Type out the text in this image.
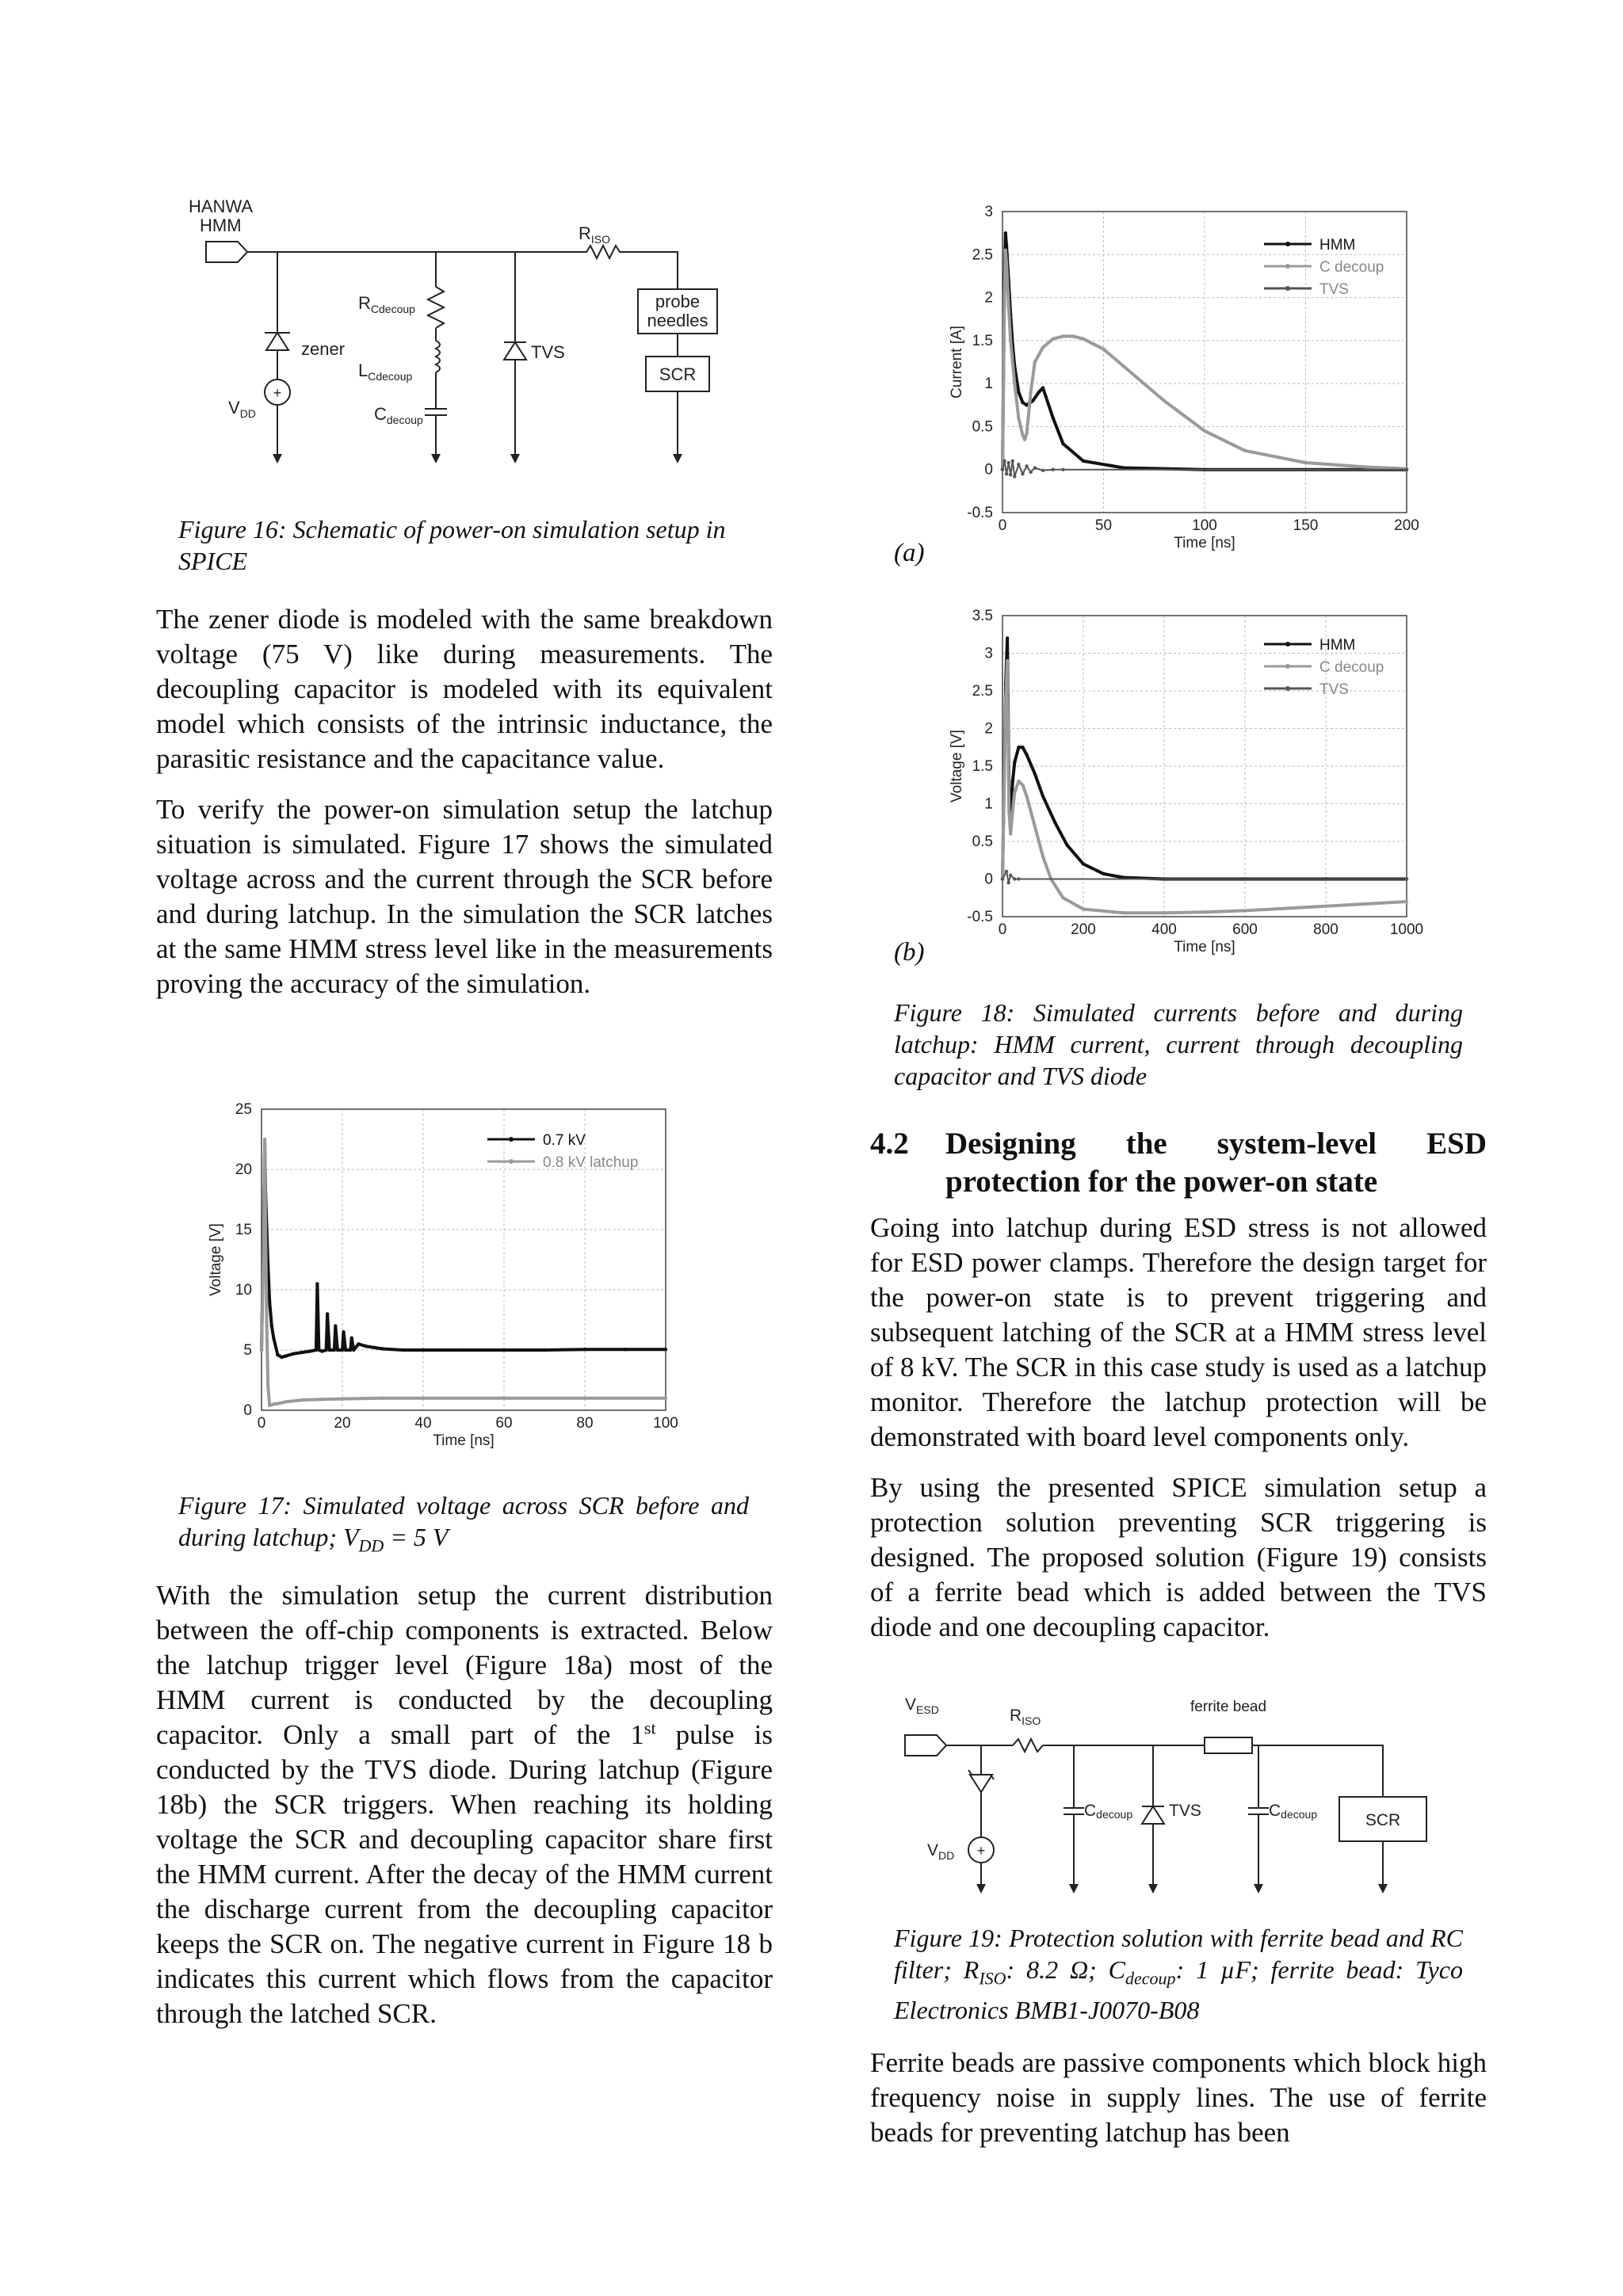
HANWA
HMM	$R_{ISO}$
$R_{Cdecoup}$
zener
$L_{Cdecoup}$
$V_{DD}$	$C_{decoup}$
TVS
probe
needles
SCR
+
Figure 16: Schematic of power-on simulation setup in SPICE

The zener diode is modeled with the same breakdown voltage (75 V) like during measurements. The decoupling capacitor is modeled with its equivalent model which consists of the intrinsic inductance, the parasitic resistance and the capacitance value.

To verify the power-on simulation setup the latchup situation is simulated. Figure 17 shows the simulated voltage across and the current through the SCR before and during latchup. In the simulation the SCR latches at the same HMM stress level like in the measurements proving the accuracy of the simulation.

0	20	40	60	80	100
0
5
10
15
20
25
Time [ns]
Voltage [V]
0.7 kV
0.8 kV latchup
Figure 17: Simulated voltage across SCR before and during latchup; $V_{DD} = 5$ V

With the simulation setup the current distribution between the off-chip components is extracted. Below the latchup trigger level (Figure 18a) most of the HMM current is conducted by the decoupling capacitor. Only a small part of the 1st pulse is conducted by the TVS diode. During latchup (Figure 18b) the SCR triggers. When reaching its holding voltage the SCR and decoupling capacitor share first the HMM current. After the decay of the HMM current the discharge current from the decoupling capacitor keeps the SCR on. The negative current in Figure 18 b indicates this current which flows from the capacitor through the latched SCR.

0	50	100	150	200
-0.5
0
0.5
1
1.5
2
2.5
3
Time [ns]
Current [A]
HMM
C decoup
TVS
(a)
0	200	400	600	800	1000
-0.5
0
0.5
1
1.5
2
2.5
3
3.5
Time [ns]
Voltage [V]
HMM
C decoup
TVS
(b)
Figure 18: Simulated currents before and during latchup: HMM current, current through decoupling capacitor and TVS diode
4.2	Designing the system-level ESD
protection for the power-on state

Going into latchup during ESD stress is not allowed for ESD power clamps. Therefore the design target for the power-on state is to prevent triggering and subsequent latching of the SCR at a HMM stress level of 8 kV. The SCR in this case study is used as a latchup monitor. Therefore the latchup protection will be demonstrated with board level components only.

By using the presented SPICE simulation setup a protection solution preventing SCR triggering is designed. The proposed solution (Figure 19) consists of a ferrite bead which is added between the TVS diode and one decoupling capacitor.

$V_{ESD}$	$R_{ISO}$
ferrite bead
Cdecoup TVS	Cdecoup	SCR
$V_{DD}$ +
Figure 19: Protection solution with ferrite bead and RC filter; $R_{ISO}$: 8.2 Ω; $C_{decoup}$: 1 µF; ferrite bead: Tyco Electronics BMB1-J0070-B08

Ferrite beads are passive components which block high frequency noise in supply lines. The use of ferrite beads for preventing latchup has been
